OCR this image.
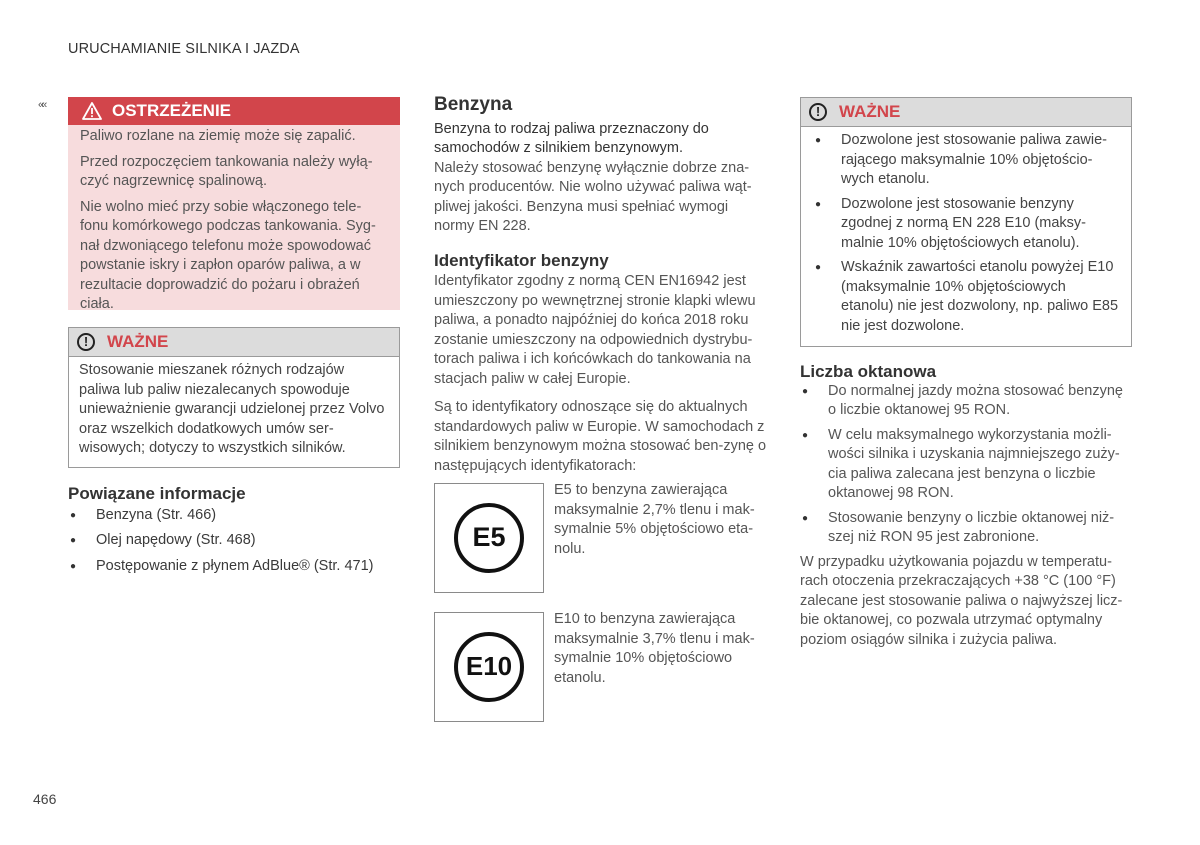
URUCHAMIANIE SILNIKA I JAZDA
««	OSTRZEŻENIE

Paliwo rozlane na ziemię może się zapalić.

Przed rozpoczęciem tankowania należy wyłą-czyć nagrzewnicę spalinową.

Nie wolno mieć przy sobie włączonego tele-fonu komórkowego podczas tankowania. Syg-nał dzwoniącego telefonu może spowodować powstanie iskry i zapłon oparów paliwa, a w rezultacie doprowadzić do pożaru i obrażeń ciała.

!	WAŻNE
Stosowanie mieszanek różnych rodzajów paliwa lub paliw niezalecanych spowoduje unieważnienie gwarancji udzielonej przez Volvo oraz wszelkich dodatkowych umów ser-wisowych; dotyczy to wszystkich silników.
Powiązane informacje
● Benzyna (Str. 466)
● Olej napędowy (Str. 468)
● Postępowanie z płynem AdBlue® (Str. 471)
Benzyna

Benzyna to rodzaj paliwa przeznaczony do samochodów z silnikiem benzynowym.

Należy stosować benzynę wyłącznie dobrze zna-nych producentów. Nie wolno używać paliwa wąt-pliwej jakości. Benzyna musi spełniać wymogi normy EN 228.

Identyfikator benzyny

Identyfikator zgodny z normą CEN EN16942 jest umieszczony po wewnętrznej stronie klapki wlewu paliwa, a ponadto najpóźniej do końca 2018 roku zostanie umieszczony na odpowiednich dystrybu-torach paliwa i ich końcówkach do tankowania na stacjach paliw w całej Europie.

Są to identyfikatory odnoszące się do aktualnych standardowych paliw w Europie. W samochodach z silnikiem benzynowym można stosować ben-zynę o następujących identyfikatorach:

E5
E5 to benzyna zawierająca maksymalnie 2,7% tlenu i mak-symalnie 5% objętościowo eta-nolu.
E10
E10 to benzyna zawierająca maksymalnie 3,7% tlenu i mak-symalnie 10% objętościowo etanolu.
!	WAŻNE
● Dozwolone jest stosowanie paliwa zawie-rającego maksymalnie 10% objętościo-wych etanolu.
● Dozwolone jest stosowanie benzyny zgodnej z normą EN 228 E10 (maksy-malnie 10% objętościowych etanolu).
● Wskaźnik zawartości etanolu powyżej E10 (maksymalnie 10% objętościowych etanolu) nie jest dozwolony, np. paliwo E85 nie jest dozwolone.
Liczba oktanowa
● Do normalnej jazdy można stosować benzynę o liczbie oktanowej 95 RON.
● W celu maksymalnego wykorzystania możli-wości silnika i uzyskania najmniejszego zuży-cia paliwa zalecana jest benzyna o liczbie oktanowej 98 RON.
● Stosowanie benzyny o liczbie oktanowej niż-szej niż RON 95 jest zabronione.

W przypadku użytkowania pojazdu w temperatu-rach otoczenia przekraczających +38 °C (100 °F) zalecane jest stosowanie paliwa o najwyższej licz-bie oktanowej, co pozwala utrzymać optymalny poziom osiągów silnika i zużycia paliwa.

466
